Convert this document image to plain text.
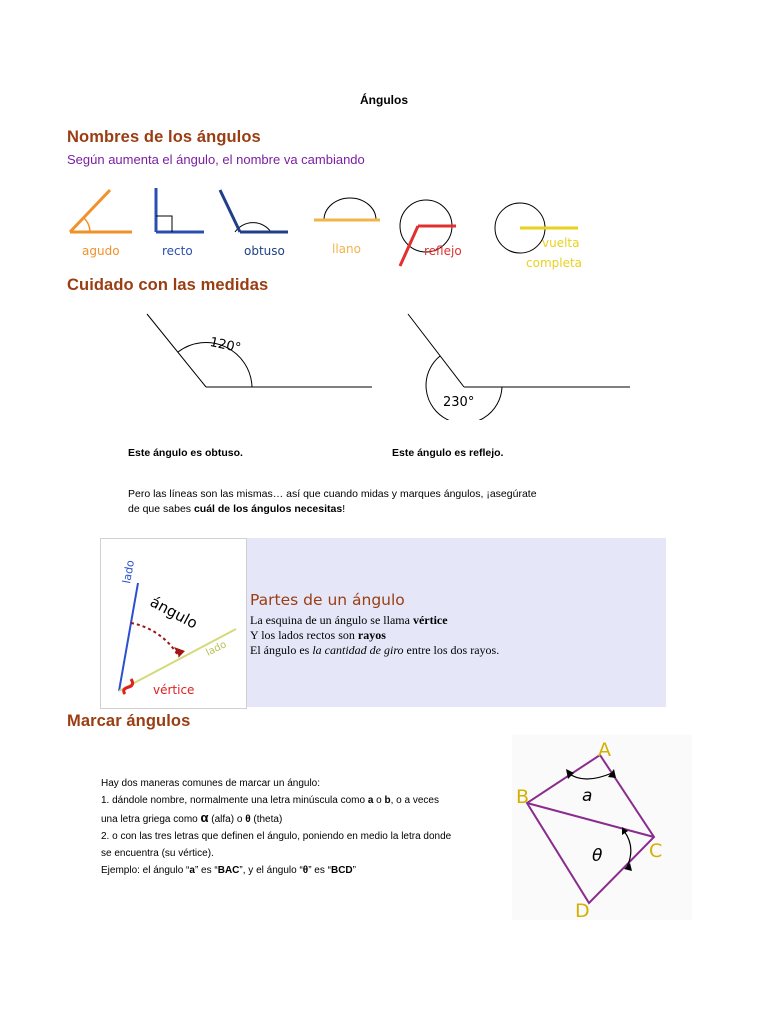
Ángulos
Nombres de los ángulos
Según aumenta el ángulo, el nombre va cambiando
agudo	recto	obtuso	llano	reflejo
vuelta
completa
Cuidado con las medidas
120°
230°
Este ángulo es obtuso.	Este ángulo es reflejo.
Pero las líneas son las mismas… así que cuando midas y marques ángulos, ¡asegúrate
de que sabes cuál de los ángulos necesitas!
lado
ángulo
lado
vértice
Partes de un ángulo
La esquina de un ángulo se llama vértice
Y los lados rectos son rayos
El ángulo es la cantidad de giro entre los dos rayos.
Marcar ángulos
Hay dos maneras comunes de marcar un ángulo:
1. dándole nombre, normalmente una letra minúscula como a o b, o a veces
una letra griega como α (alfa) o θ (theta)
2. o con las tres letras que definen el ángulo, poniendo en medio la letra donde
se encuentra (su vértice).
Ejemplo: el ángulo “a” es “BAC”, y el ángulo “θ” es “BCD”
A
B
C
D
a
θ
